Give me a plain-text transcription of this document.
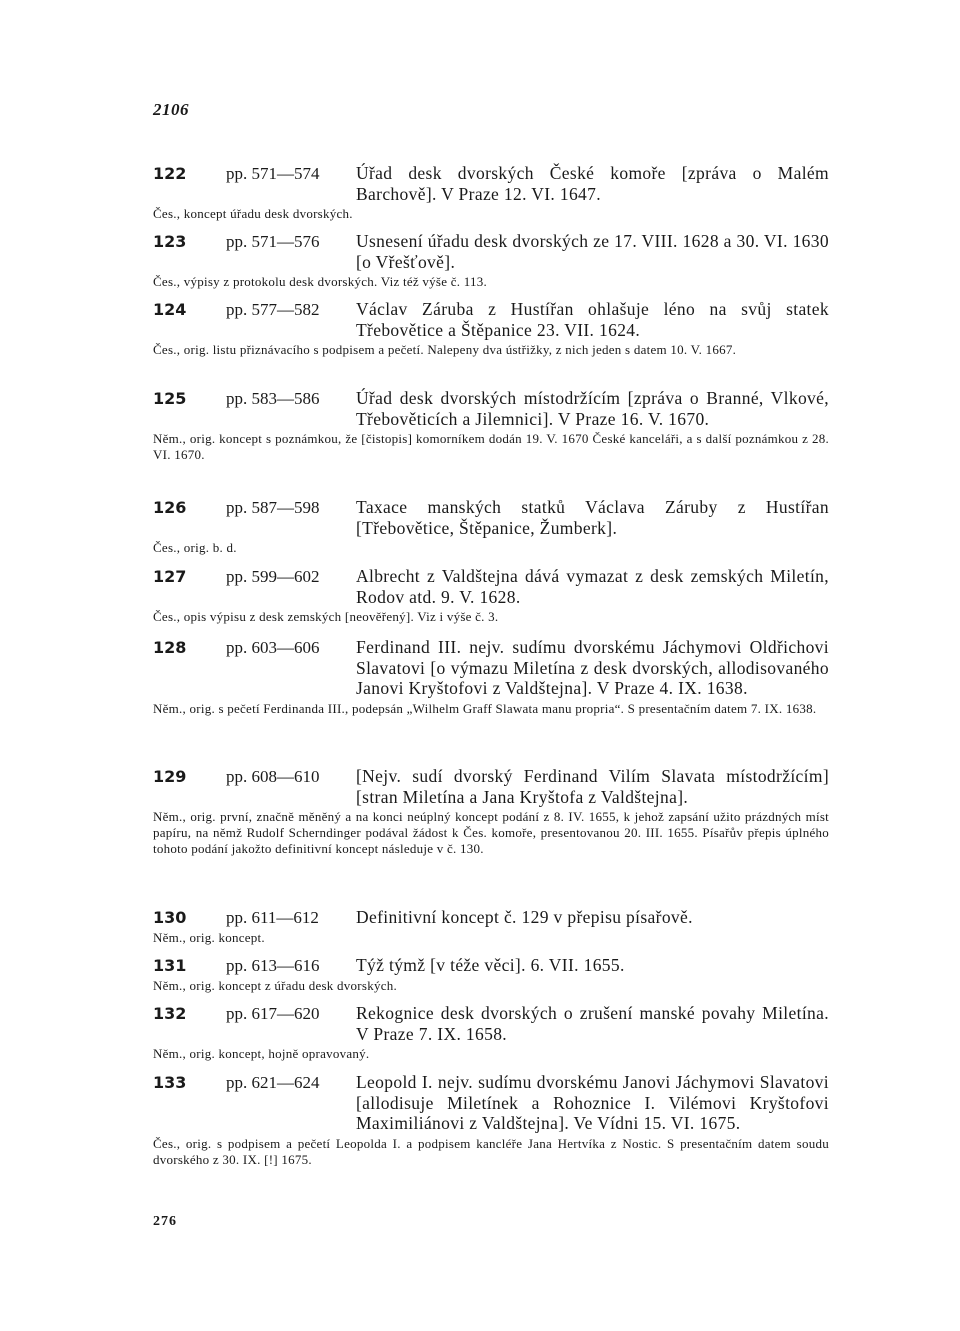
2106
122 pp. 571—574	Úřad desk dvorských České komoře [zpráva o Malém Barchově]. V Praze 12. VI. 1647.
Čes., koncept úřadu desk dvorských.
123 pp. 571—576	Usnesení úřadu desk dvorských ze 17. VIII. 1628 a 30. VI. 1630 [o Vřešťově].
Čes., výpisy z protokolu desk dvorských. Viz též výše č. 113.
124 pp. 577—582	Václav Záruba z Hustířan ohlašuje léno na svůj statek Třebovětice a Štěpanice 23. VII. 1624.
Čes., orig. listu přiznávacího s podpisem a pečetí. Nalepeny dva ústřižky, z nich jeden s datem 10. V. 1667.
125 pp. 583—586	Úřad desk dvorských místodržícím [zpráva o Branné, Vlkové, Třebověticích a Jilemnici]. V Praze 16. V. 1670.
Něm., orig. koncept s poznámkou, že [čistopis] komorníkem dodán 19. V. 1670 České kanceláři, a s další poznámkou z 28. VI. 1670.
126 pp. 587—598	Taxace manských statků Václava Záruby z Hustířan [Třebovětice, Štěpanice, Žumberk].
Čes., orig. b. d.
127 pp. 599—602	Albrecht z Valdštejna dává vymazat z desk zemských Miletín, Rodov atd. 9. V. 1628.
Čes., opis výpisu z desk zemských [neověřený]. Viz i výše č. 3.
128 pp. 603—606	Ferdinand III. nejv. sudímu dvorskému Jáchymovi Oldřichovi Slavatovi [o výmazu Miletína z desk dvorských, allodisovaného Janovi Kryštofovi z Valdštejna]. V Praze 4. IX. 1638.
Něm., orig. s pečetí Ferdinanda III., podepsán „Wilhelm Graff Slawata manu propria“. S presentačním datem 7. IX. 1638.
129 pp. 608—610	[Nejv. sudí dvorský Ferdinand Vilím Slavata místodržícím] [stran Miletína a Jana Kryštofa z Valdštejna].
Něm., orig. první, značně měněný a na konci neúplný koncept podání z 8. IV. 1655, k jehož zapsání užito prázdných míst papíru, na němž Rudolf Scherndinger podával žádost k Čes. komoře, presentovanou 20. III. 1655. Písařův přepis úplného tohoto podání jakožto definitivní koncept následuje v č. 130.
130 pp. 611—612	Definitivní koncept č. 129 v přepisu písařově.
Něm., orig. koncept.
131 pp. 613—616	Týž týmž [v téže věci]. 6. VII. 1655.
Něm., orig. koncept z úřadu desk dvorských.
132 pp. 617—620	Rekognice desk dvorských o zrušení manské povahy Miletína. V Praze 7. IX. 1658.
Něm., orig. koncept, hojně opravovaný.
133 pp. 621—624	Leopold I. nejv. sudímu dvorskému Janovi Jáchymovi Slavatovi [allodisuje Miletínek a Rohoznice I. Vilémovi Kryštofovi Maximiliánovi z Valdštejna]. Ve Vídni 15. VI. 1675.
Čes., orig. s podpisem a pečetí Leopolda I. a podpisem kancléře Jana Hertvíka z Nostic. S presentačním datem soudu dvorského z 30. IX. [!] 1675.
276
